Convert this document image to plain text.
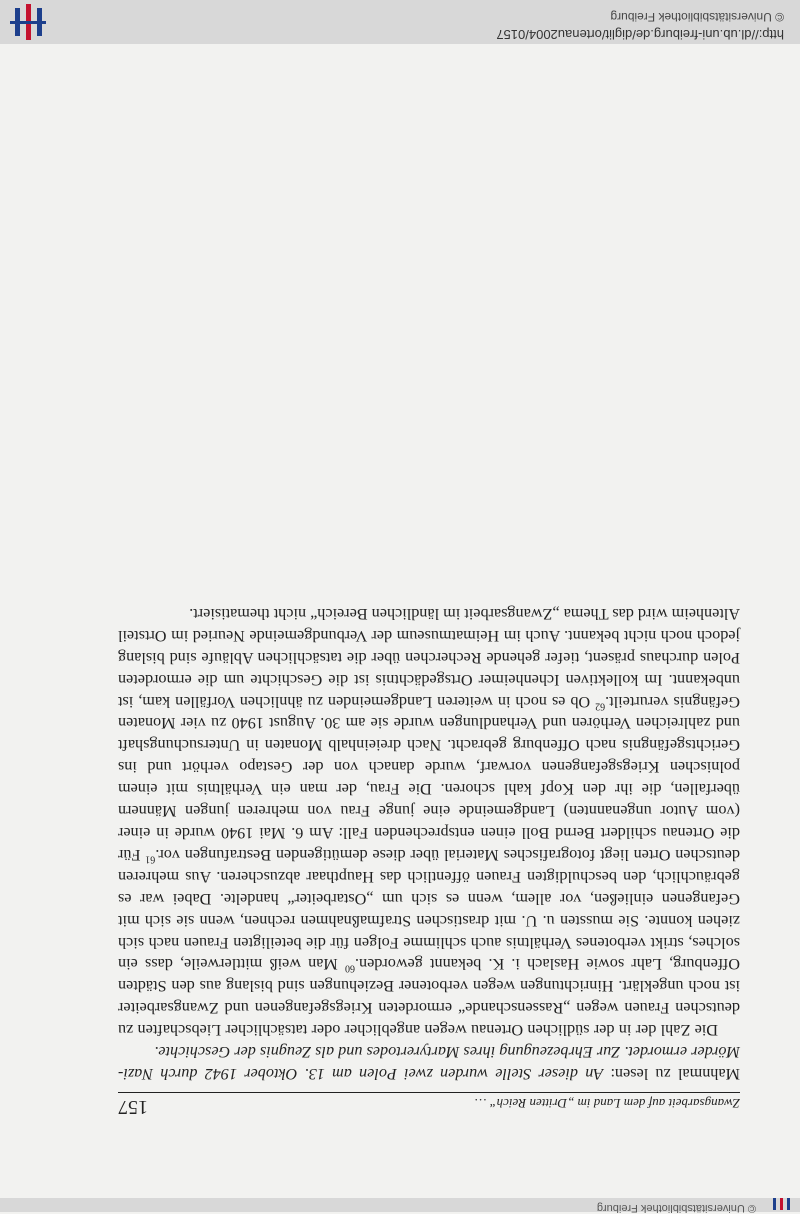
© Universitätsbibliothek Freiburg
Zwangsarbeit auf dem Land im „Dritten Reich“ …
157

Mahnmal zu lesen: An dieser Stelle wurden zwei Polen am 13. Oktober 1942 durch Nazi-Mörder ermordet. Zur Ehrbezeugung ihres Martyrertodes und als Zeugnis der Geschichte.

Die Zahl der in der südlichen Ortenau wegen angeblicher oder tatsächlicher Liebschaften zu deutschen Frauen wegen „Rassenschande“ ermordeten Kriegsgefangenen und Zwangsarbeiter ist noch ungeklärt. Hinrichtungen wegen verbotener Beziehungen sind bislang aus den Städten Offenburg, Lahr sowie Haslach i. K. bekannt geworden.$^{60}$ Man weiß mittlerweile, dass ein solches, strikt verbotenes Verhältnis auch schlimme Folgen für die beteiligten Frauen nach sich ziehen konnte. Sie mussten u. U. mit drastischen Strafmaßnahmen rechnen, wenn sie sich mit Gefangenen einließen, vor allem, wenn es sich um „Ostarbeiter“ handelte. Dabei war es gebräuchlich, den beschuldigten Frauen öffentlich das Haupthaar abzuscheren. Aus mehreren deutschen Orten liegt fotografisches Material über diese demütigenden Bestrafungen vor.$^{61}$ Für die Ortenau schildert Bernd Boll einen entsprechenden Fall: Am 6. Mai 1940 wurde in einer (vom Autor ungenannten) Landgemeinde eine junge Frau von mehreren jungen Männern überfallen, die ihr den Kopf kahl schoren. Die Frau, der man ein Verhältnis mit einem polnischen Kriegsgefangenen vorwarf, wurde danach von der Gestapo verhört und ins Gerichtsgefängnis nach Offenburg gebracht. Nach dreieinhalb Monaten in Untersuchungshaft und zahlreichen Verhören und Verhandlungen wurde sie am 30. August 1940 zu vier Monaten Gefängnis verurteilt.$^{62}$ Ob es noch in weiteren Landgemeinden zu ähnlichen Vorfällen kam, ist unbekannt. Im kollektiven Ichenheimer Ortsgedächtnis ist die Geschichte um die ermordeten Polen durchaus präsent, tiefer gehende Recherchen über die tatsächlichen Abläufe sind bislang jedoch noch nicht bekannt. Auch im Heimatmuseum der Verbundgemeinde Neuried im Ortsteil Altenheim wird das Thema „Zwangsarbeit im ländlichen Bereich“ nicht thematisiert.

http://dl.ub.uni-freiburg.de/diglit/ortenau2004/0157
© Universitätsbibliothek Freiburg
